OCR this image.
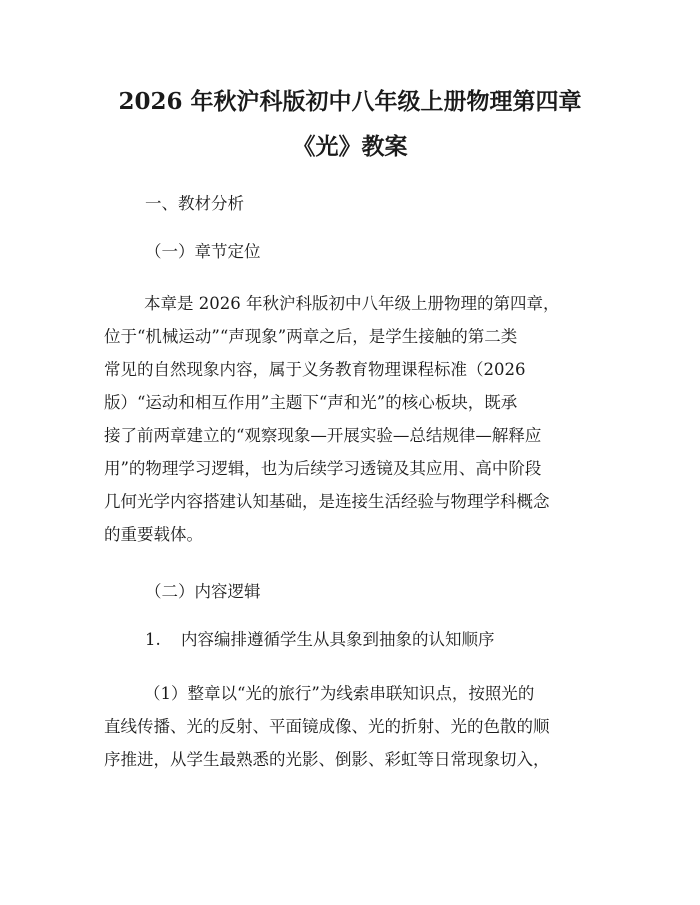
2026 年秋沪科版初中八年级上册物理第四章
《光》教案
一、教材分析
（一）章节定位
本章是 2026 年秋沪科版初中八年级上册物理的第四章，
位于“机械运动”“声现象”两章之后，是学生接触的第二类
常见的自然现象内容，属于义务教育物理课程标准（2026
版）“运动和相互作用”主题下“声和光”的核心板块，既承
接了前两章建立的“观察现象—开展实验—总结规律—解释应
用”的物理学习逻辑，也为后续学习透镜及其应用、高中阶段
几何光学内容搭建认知基础，是连接生活经验与物理学科概念
的重要载体。
（二）内容逻辑
1. 内容编排遵循学生从具象到抽象的认知顺序
（1）整章以“光的旅行”为线索串联知识点，按照光的
直线传播、光的反射、平面镜成像、光的折射、光的色散的顺
序推进，从学生最熟悉的光影、倒影、彩虹等日常现象切入，
